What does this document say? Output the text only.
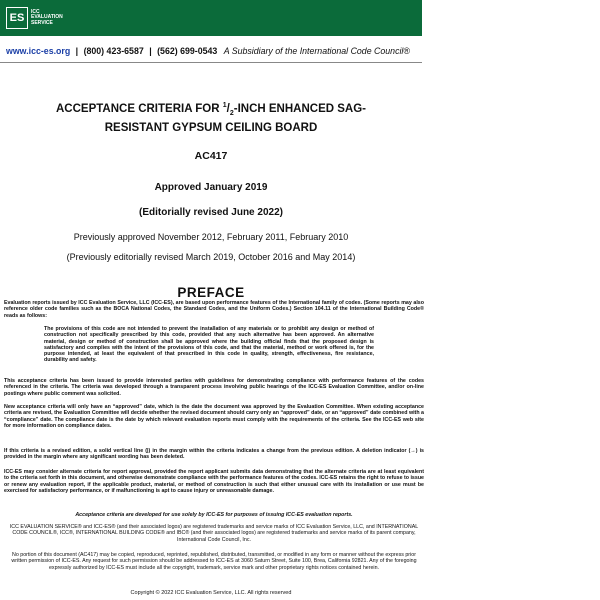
ES
ICC
EVALUATION
SERVICE
www.icc-es.org | (800) 423-6587 | (562) 699-0543 A Subsidiary of the International Code Council®
ACCEPTANCE CRITERIA FOR $^1/_2$-INCH ENHANCED SAG-
RESISTANT GYPSUM CEILING BOARD
AC417
Approved January 2019
(Editorially revised June 2022)
Previously approved November 2012, February 2011, February 2010
(Previously editorially revised March 2019, October 2016 and May 2014)
PREFACE

Evaluation reports issued by ICC Evaluation Service, LLC (ICC-ES), are based upon performance features of the International family of codes. (Some reports may also reference older code families such as the BOCA National Codes, the Standard Codes, and the Uniform Codes.) Section 104.11 of the International Building Code® reads as follows:

The provisions of this code are not intended to prevent the installation of any materials or to prohibit any design or method of construction not specifically prescribed by this code, provided that any such alternative has been approved. An alternative material, design or method of construction shall be approved where the building official finds that the proposed design is satisfactory and complies with the intent of the provisions of this code, and that the material, method or work offered is, for the purpose intended, at least the equivalent of that prescribed in this code in quality, strength, effectiveness, fire resistance, durability and safety.

This acceptance criteria has been issued to provide interested parties with guidelines for demonstrating compliance with performance features of the codes referenced in the criteria. The criteria was developed through a transparent process involving public hearings of the ICC-ES Evaluation Committee, and/or on-line postings where public comment was solicited.

New acceptance criteria will only have an “approved” date, which is the date the document was approved by the Evaluation Committee. When existing acceptance criteria are revised, the Evaluation Committee will decide whether the revised document should carry only an “approved” date, or an “approved” date combined with a “compliance” date. The compliance date is the date by which relevant evaluation reports must comply with the requirements of the criteria. See the ICC-ES web site for more information on compliance dates.

If this criteria is a revised edition, a solid vertical line (|) in the margin within the criteria indicates a change from the previous edition. A deletion indicator (→) is provided in the margin where any significant wording has been deleted.

ICC-ES may consider alternate criteria for report approval, provided the report applicant submits data demonstrating that the alternate criteria are at least equivalent to the criteria set forth in this document, and otherwise demonstrate compliance with the performance features of the codes. ICC-ES retains the right to refuse to issue or renew any evaluation report, if the applicable product, material, or method of construction is such that either unusual care with its installation or use must be exercised for satisfactory performance, or if malfunctioning is apt to cause injury or unreasonable damage.

Acceptance criteria are developed for use solely by ICC-ES for purposes of issuing ICC-ES evaluation reports.

ICC EVALUATION SERVICE® and ICC-ES® (and their associated logos) are registered trademarks and service marks of ICC Evaluation Service, LLC, and INTERNATIONAL CODE COUNCIL®, ICC®, INTERNATIONAL BUILDING CODE® and IBC® (and their associated logos) are registered trademarks and service marks of its parent company, International Code Council, Inc.

No portion of this document (AC417) may be copied, reproduced, reprinted, republished, distributed, transmitted, or modified in any form or manner without the express prior written permission of ICC-ES. Any request for such permission should be addressed to ICC-ES at 3060 Saturn Street, Suite 100, Brea, California 92821. Any of the foregoing expressly authorized by ICC-ES must include all the copyright, trademark, service mark and other proprietary rights notices contained herein.

Copyright © 2022 ICC Evaluation Service, LLC. All rights reserved
